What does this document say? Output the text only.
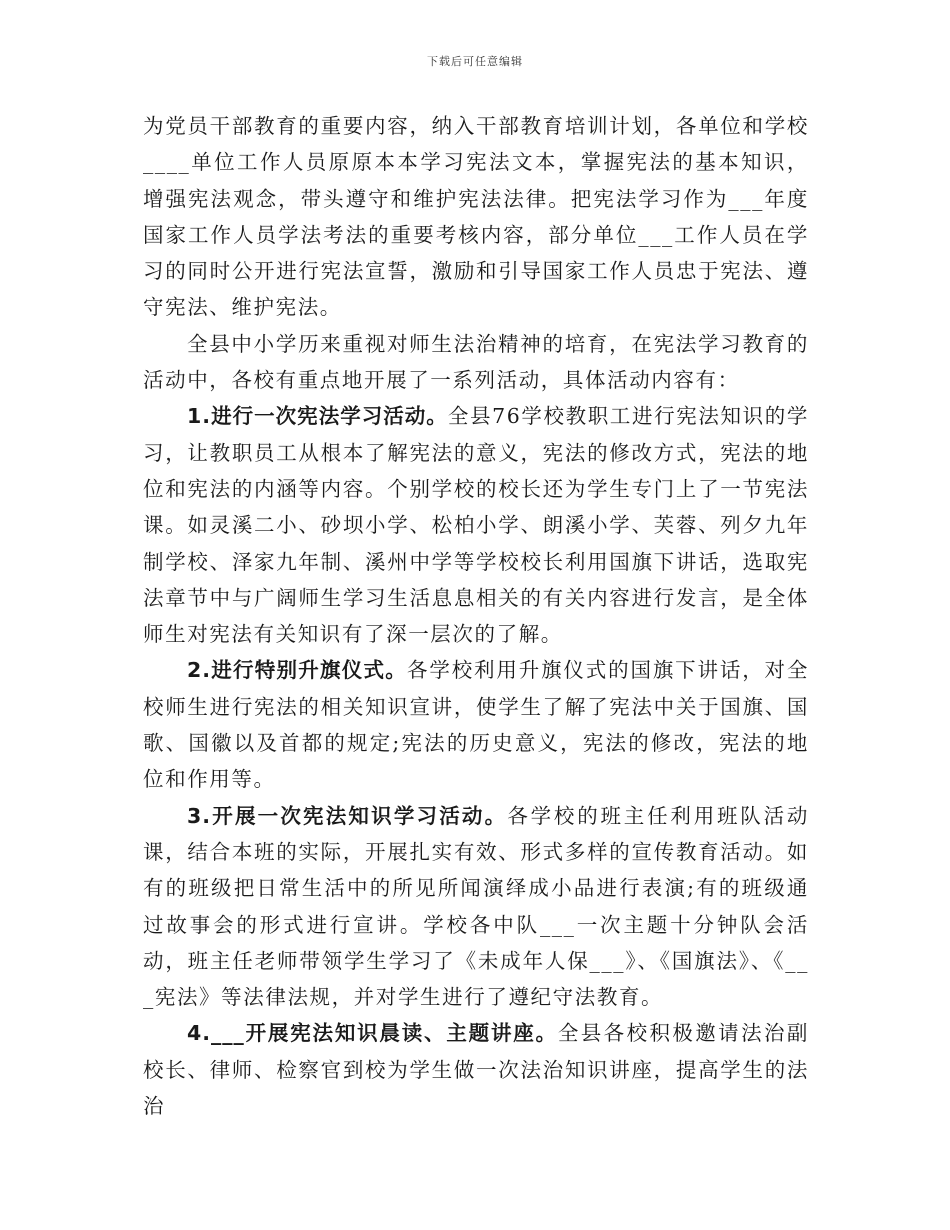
下载后可任意编辑

为党员干部教育的重要内容，纳入干部教育培训计划，各单位和学校____单位工作人员原原本本学习宪法文本，掌握宪法的基本知识，增强宪法观念，带头遵守和维护宪法法律。把宪法学习作为___年度国家工作人员学法考法的重要考核内容，部分单位___工作人员在学习的同时公开进行宪法宣誓，激励和引导国家工作人员忠于宪法、遵守宪法、维护宪法。

全县中小学历来重视对师生法治精神的培育，在宪法学习教育的活动中，各校有重点地开展了一系列活动，具体活动内容有：

1.进行一次宪法学习活动。全县76学校教职工进行宪法知识的学习，让教职员工从根本了解宪法的意义，宪法的修改方式，宪法的地位和宪法的内涵等内容。个别学校的校长还为学生专门上了一节宪法课。如灵溪二小、砂坝小学、松柏小学、朗溪小学、芙蓉、列夕九年制学校、泽家九年制、溪州中学等学校校长利用国旗下讲话，选取宪法章节中与广阔师生学习生活息息相关的有关内容进行发言，是全体师生对宪法有关知识有了深一层次的了解。

2.进行特别升旗仪式。各学校利用升旗仪式的国旗下讲话，对全校师生进行宪法的相关知识宣讲，使学生了解了宪法中关于国旗、国歌、国徽以及首都的规定;宪法的历史意义，宪法的修改，宪法的地位和作用等。

3.开展一次宪法知识学习活动。各学校的班主任利用班队活动课，结合本班的实际，开展扎实有效、形式多样的宣传教育活动。如有的班级把日常生活中的所见所闻演绎成小品进行表演;有的班级通过故事会的形式进行宣讲。学校各中队___一次主题十分钟队会活动，班主任老师带领学生学习了《未成年人保___》、《国旗法》、《___宪法》等法律法规，并对学生进行了遵纪守法教育。

4.___开展宪法知识晨读、主题讲座。全县各校积极邀请法治副校长、律师、检察官到校为学生做一次法治知识讲座，提高学生的法治
